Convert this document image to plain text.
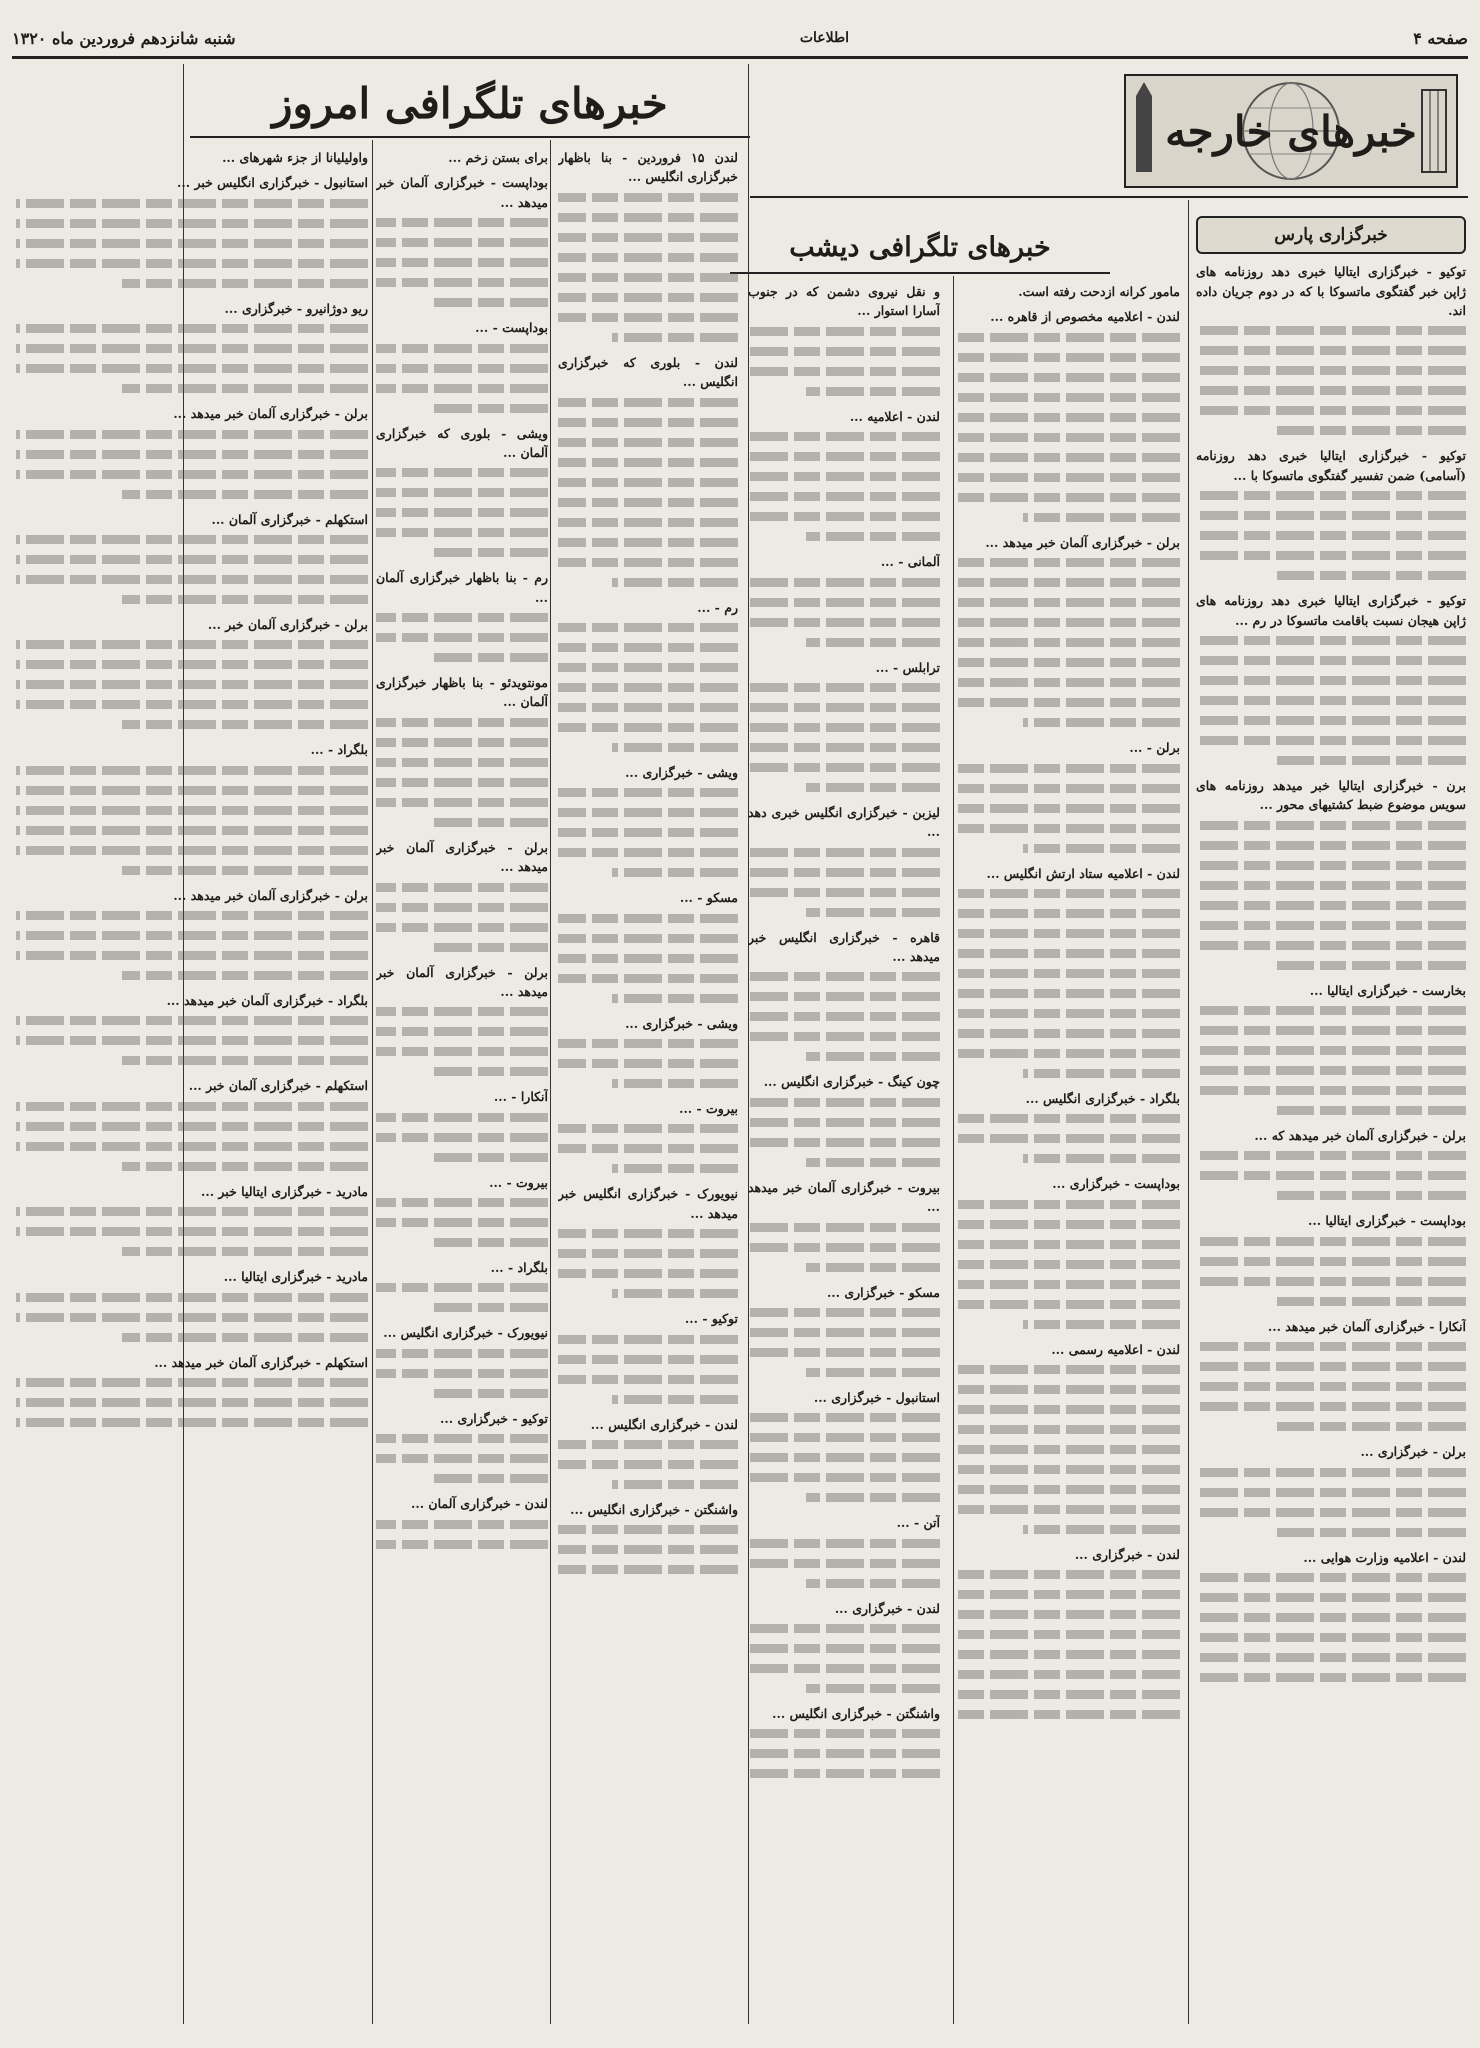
صفحه ۴
اطلاعات
شنبه شانزدهم فروردین ماه ۱۳۲۰
خبرهای خارجه
خبرهای تلگرافی امروز
خبرهای تلگرافی دیشب	خبرگزاری پارس

توکیو - خبرگزاری ایتالیا خبری دهد روزنامه های ژاپن خبر گفتگوی ماتسوکا با که در دوم جریان داده اند.

توکیو - خبرگزاری ایتالیا خبری دهد روزنامه (آسامی) ضمن تفسیر گفتگوی ماتسوکا با ...

توکیو - خبرگزاری ایتالیا خبری دهد روزنامه های ژاپن هیجان نسبت باقامت ماتسوکا در رم ...

برن - خبرگزاری ایتالیا خبر میدهد روزنامه های سویس موضوع ضبط کشتیهای محور ...

بخارست - خبرگزاری ایتالیا ...

برلن - خبرگزاری آلمان خبر میدهد که ...

بوداپست - خبرگزاری ایتالیا ...

آنکارا - خبرگزاری آلمان خبر میدهد ...

برلن - خبرگزاری ...

لندن - اعلامیه وزارت هوایی ...

مامور کرانه ازدحت رفته است.

لندن - اعلامیه مخصوص از قاهره ...

برلن - خبرگزاری آلمان خبر میدهد ...

برلن - ...

لندن - اعلامیه ستاد ارتش انگلیس ...

بلگراد - خبرگزاری انگلیس ...

بوداپست - خبرگزاری ...

لندن - اعلامیه رسمی ...

لندن - خبرگزاری ...

و نقل نیروی دشمن که در جنوب آسارا استوار ...

لندن - اعلامیه ...

آلمانی - ...

ترابلس - ...

لیزبن - خبرگزاری انگلیس خبری دهد ...

قاهره - خبرگزاری انگلیس خبر میدهد ...

چون کینگ - خبرگزاری انگلیس ...

بیروت - خبرگزاری آلمان خبر میدهد ...

مسکو - خبرگزاری ...

استانبول - خبرگزاری ...

آتن - ...

لندن - خبرگزاری ...

واشنگتن - خبرگزاری انگلیس ...

لندن ۱۵ فروردین - بنا باظهار خبرگزاری انگلیس ...

لندن - بلوری که خبرگزاری انگلیس ...

رم - ...

ویشی - خبرگزاری ...

مسکو - ...

ویشی - خبرگزاری ...

بیروت - ...

نیویورک - خبرگزاری انگلیس خبر میدهد ...

توکیو - ...

لندن - خبرگزاری انگلیس ...

واشنگتن - خبرگزاری انگلیس ...

برای بستن زخم ...

بوداپست - خبرگزاری آلمان خبر میدهد ...

بوداپست - ...

ویشی - بلوری که خبرگزاری آلمان ...

رم - بنا باظهار خبرگزاری آلمان ...

مونتویدئو - بنا باظهار خبرگزاری آلمان ...

برلن - خبرگزاری آلمان خبر میدهد ...

برلن - خبرگزاری آلمان خبر میدهد ...

آنکارا - ...

بیروت - ...

بلگراد - ...

نیویورک - خبرگزاری انگلیس ...

توکیو - خبرگزاری ...

لندن - خبرگزاری آلمان ...

واولیلیانا از جزء شهرهای ...

استانبول - خبرگزاری انگلیس خبر ...

ریو دوژانیرو - خبرگزاری ...

برلن - خبرگزاری آلمان خبر میدهد ...

استکهلم - خبرگزاری آلمان ...

برلن - خبرگزاری آلمان خبر ...

بلگراد - ...

برلن - خبرگزاری آلمان خبر میدهد ...

بلگراد - خبرگزاری آلمان خبر میدهد ...

استکهلم - خبرگزاری آلمان خبر ...

مادرید - خبرگزاری ایتالیا خبر ...

مادرید - خبرگزاری ایتالیا ...

استکهلم - خبرگزاری آلمان خبر میدهد ...
